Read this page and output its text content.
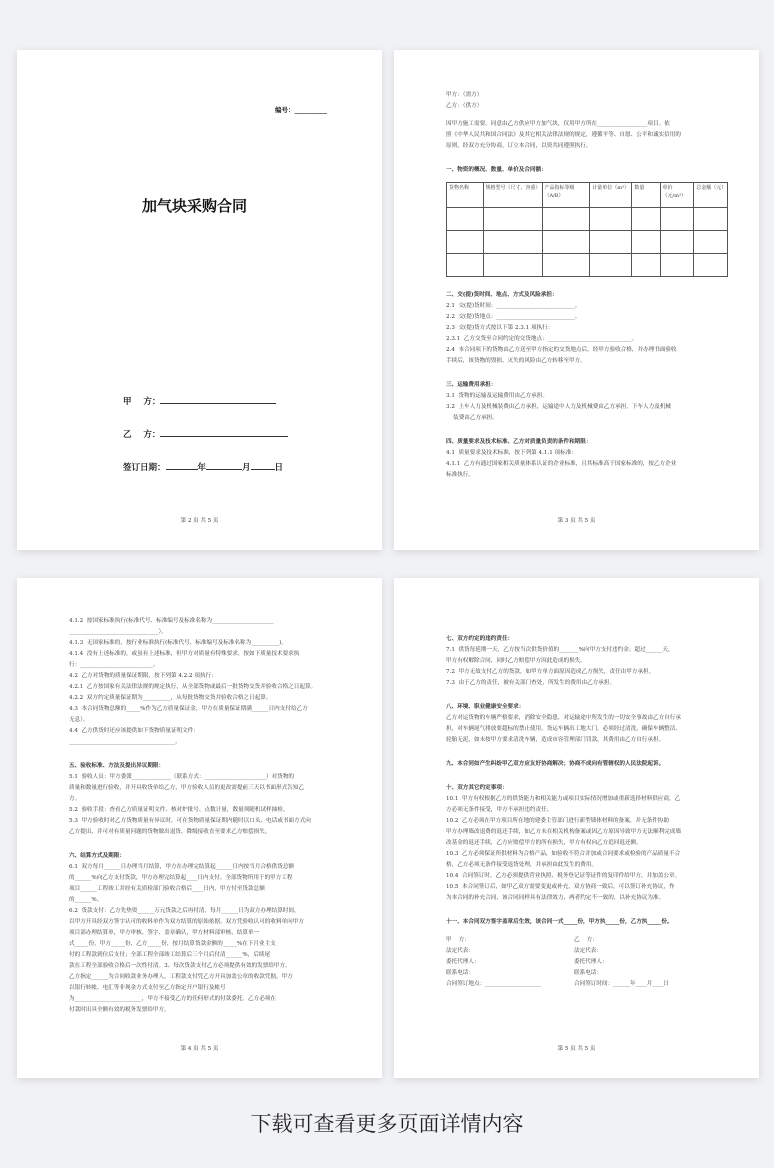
编号：__________
加气块采购合同
甲    方：
乙    方：
签订日期：	年	月	日
第 2 页 共 5 页

甲方：（需方）

乙方：（供方）

因甲方施工需要，同意由乙方供应甲方加气块，仅用甲方所在__________________项目。依

照《中华人民共和国合同法》及其它相关法律法规的规定，遵循平等、自愿、公平和诚实信用的

原则，经双方充分协商，订立本合同，以资共同遵照执行。

一、物资的概况、数量、单价及合同额：

货物名称	规格型号（尺寸、容重）	产品指标等级（A/B）	计量单位（m³）	数量	单价（元/m³）	总金额（元）

二、交(提)货时间、地点、方式及风险承担：

2.1  交(提)货时间：____________________________。

2.2  交(提)货地点：____________________________。

2.3  交(提)货方式按以下第 2.3.1 项执行：

2.3.1  乙方交货至合同约定的交货地点：______________________________。

2.4  本合同项下的货物由乙方送至甲方指定的交货地点后，经甲方验收合格，并办理书面验收

手续后，该货物的毁损、灭失的风险由乙方转移至甲方。

三、运输费用承担：

3.1  货物的运输及运输费用由乙方承担。

3.2  上车人力及机械装费由乙方承担，运输途中人力及机械费由乙方承担，下车人力及机械

装费由乙方承担。

四、质量要求及技术标准、乙方对质量负责的条件和期限：

4.1  质量要求及技术标准，按下列第 4.1.1 项标准：

4.1.1  乙方有通过国家相关质量体系认证的企业标准，且其标准高于国家标准的，按乙方企业

标准执行。

第 3 页 共 5 页

4.1.2  按国家标准执行(标准代号、标准编号及标准名称为______________________

________________________________）。

4.1.3  无国家标准的，按行业标准执行(标准代号、标准编号及标准名称为__________)。

4.1.4  没有上述标准的，或虽有上述标准，但甲方对质量有特殊要求，按如下质量技术要求执

行：__________________________。

4.2  乙方对货物的质量保证期限，按下列第 4.2.2 项执行：

4.2.1  乙方按国家有关法律法规的规定执行，从全部货物或最后一批货物交货并验收合格之日起算。

4.2.2  双方约定质量保证期为__________，从每批货物交货并验收合格之日起算。

4.3  本合同货物总额的_____%作为乙方质量保证金，甲方在质量保证期满______日内支付给乙方

无息）。

4.4  乙方供货时还应该提供如下货物质量证明文件：

______________________________________。

五、验收标准、方法及提出异议期限：

5.1  验收人员：甲方委派______________（联系方式：______________________）对货物的

质量和数量进行验收，并开具收货单给乙方，甲方验收人员的更改需提前三天以书面形式告知乙

方。

5.2  验收手段：查看乙方质量证明文件、核对炉批号、点数计量，数量须随机试样抽检。

5.3  甲方验收时对乙方货物质量有异议时，可在货物质量保证期内随时以口头、电话或书面方式向

乙方提出，并可对有质量问题的货物做出退货、降级接收直至要求乙方赔偿损失。

六、结算方式及期限：

6.1  双方每月______日办理当月结算，甲方在办理完结算起______日内按当月合格供货总额

的______%向乙方支付货款，甲方办理完结算起____日内支付。全部货物所用于的甲方工程

项目______工程竣工并经有关质检部门验收合格后____日内，甲方付至货款总额

的______%。

6.2  货款支付：乙方先垫资______万元货款之后再付清，每月______日为双方办理结算时间，

以甲方开具经双方签字认可的收料单作为双方结算的原始依据。双方凭验收认可的收料单向甲方

项目部办理结算单，甲方审核、签字、盖章确认，甲方材料部审核，结算单一

式_____份，甲方_____份，乙方_____份，按月结算货款金额的_____%在下月业主支

付的工程款到位后支付；全部工程全部竣工结算后三个月后付清______%，后续尾

款在工程全部验收合格后一次性付清。3、每次货款支付乙方必须提供有效的发票给甲方。

乙方指定______为合同收款业务办理人，工程款支付凭乙方开具加盖公章的收款凭据，甲方

以银行转帐、电汇等非现金方式支付至乙方指定开户银行及帐号

为________________________，甲方不接受乙方的任何形式的付款委托。乙方必须在

付款时出具全额有效的税务发票给甲方。

第 4 页 共 5 页

七、双方约定的违约责任：

7.1  供货每延期一天，乙方按当次供货价值的_______%向甲方支付违约金；超过______天，

甲方有权解除合同，同时乙方赔偿甲方因此造成的损失。

7.2  甲方无故支付乙方的货款，如甲方单方面原因造成乙方损失，责任由甲方承担。

7.3  由于乙方的责任，被有关部门查处，所发生的费用由乙方承担。

八、环境、职业健康安全要求：

乙方对运货物的车辆严格要求，消除安全隐患，对运输途中所发生的一切安全事故由乙方自行承

担，对车辆尾气排放要超标的禁止使用，货运车辆出工地大门，必须经过清洗，确保车辆整洁、

轮胎无泥，如未按甲方要求清洗车辆，造成市容管理部门罚款，其费用由乙方自行承担。

九、本合同如产生纠纷甲乙双方应友好协商解决；协商不成向有管辖权的人民法院起诉。

十、双方其它约定事项：

10.1  甲方有权根据乙方的供货能力和相关能力或项目实际情况增加或重新选择材料供应商，乙

方必须无条件接受，甲方不承担违约责任。

10.2  乙方必须在甲方项目所在地的建委主管部门进行新型墙体材料的备案，并无条件协助

甲方办理墙改退费的退还手续，如乙方未在相关机构备案或因乙方原因导致甲方无法顺利完成墙

改基金的退还手续，乙方应赔偿甲方的所有损失，甲方有权向乙方追回退还额。

10.3  乙方必须保证所供材料为合格产品，如验收不符合并加或合同要求或检验的产品质量不合

格，乙方必须无条件接受退货处理，并承担由此发生的费用。

10.4  合同签订时，乙方必须提供营业执照、税务登记证等证件的复印件给甲方，并加盖公章。

10.5  本合同签订后，如甲乙双方需要变更或补充，双方协商一致后，可以签订补充协议，作

为本合同的补充合同，该合同同样具有法律效力，两者约定不一致的，以补充协议为准。

十一、本合同双方签字盖章后生效，该合同一式_____份，甲方执_____份，乙方执_____份。

甲    方：	乙    方：

法定代表：	法定代表：

委托代理人：	委托代理人：

联系电话：	联系电话：

合同签订地点：____________________	合同签订时间：______年____月____日

第 5 页 共 5 页
下载可查看更多页面详情内容
